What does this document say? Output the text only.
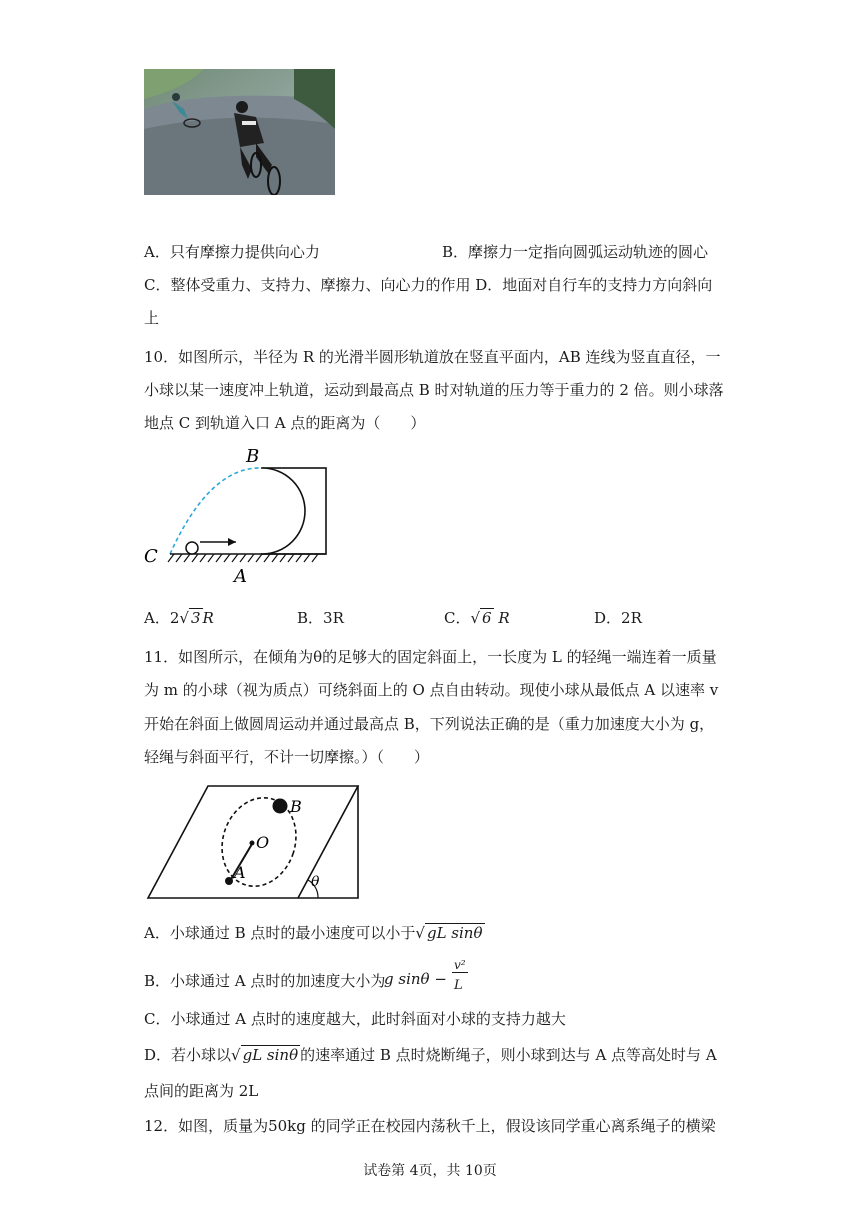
A．只有摩擦力提供向心力	B．摩擦力一定指向圆弧运动轨迹的圆心
C．整体受重力、支持力、摩擦力、向心力的作用 D．地面对自行车的支持力方向斜向
上
10．如图所示，半径为 R 的光滑半圆形轨道放在竖直平面内，AB 连线为竖直直径，一
小球以某一速度冲上轨道，运动到最高点 B 时对轨道的压力等于重力的 2 倍。则小球落
地点 C 到轨道入口 A 点的距离为（　　）
B
C
A
A．2√ 3 R	B．3R	C．√ 6 R	D．2R
11．如图所示，在倾角为θ的足够大的固定斜面上，一长度为 L 的轻绳一端连着一质量
为 m 的小球（视为质点）可绕斜面上的 O 点自由转动。现使小球从最低点 A 以速率 v
开始在斜面上做圆周运动并通过最高点 B，下列说法正确的是（重力加速度大小为 g，
轻绳与斜面平行，不计一切摩擦。）（　　）
B
O
A	θ
A．小球通过 B 点时的最小速度可以小于√ gL sinθ
B．小球通过 A 点时的加速度大小为
g sinθ −
v²
L
C．小球通过 A 点时的速度越大，此时斜面对小球的支持力越大
D．若小球以√ gL sinθ 的速率通过 B 点时烧断绳子，则小球到达与 A 点等高处时与 A
点间的距离为 2L
12．如图，质量为50kg 的同学正在校园内荡秋千上，假设该同学重心离系绳子的横梁
试卷第 4页，共 10页
